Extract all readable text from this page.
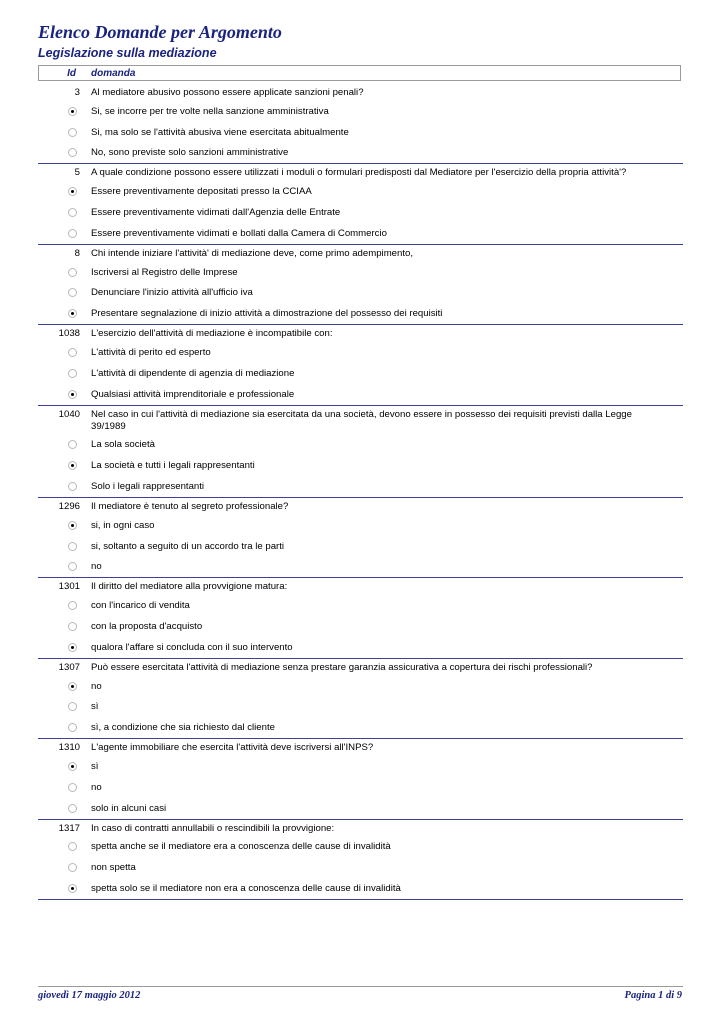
Elenco Domande per Argomento
Legislazione sulla mediazione
Id domanda
3 Al mediatore abusivo possono essere applicate sanzioni penali?
Si, se incorre per tre volte nella sanzione amministrativa
Si, ma solo se l'attività abusiva viene esercitata abitualmente
No, sono previste solo sanzioni amministrative
5 A quale condizione possono essere utilizzati i moduli o formulari predisposti dal Mediatore per l'esercizio della propria attività'?
Essere preventivamente depositati presso la CCIAA
Essere preventivamente vidimati dall'Agenzia delle Entrate
Essere preventivamente vidimati e bollati dalla Camera di Commercio
8 Chi intende iniziare l'attività' di mediazione deve, come primo adempimento,
Iscriversi al Registro delle Imprese
Denunciare l'inizio attività all'ufficio iva
Presentare segnalazione di inizio attività a dimostrazione del possesso dei requisiti
1038 L'esercizio dell'attività di mediazione è incompatibile con:
L'attività di perito ed esperto
L'attività di dipendente di agenzia di mediazione
Qualsiasi attività imprenditoriale e professionale
1040 Nel caso in cui l'attività di mediazione sia esercitata da una società, devono essere in possesso dei requisiti previsti dalla Legge 39/1989
La sola società
La società e tutti i legali rappresentanti
Solo i legali rappresentanti
1296 Il mediatore è tenuto al segreto professionale?
si, in ogni caso
si, soltanto a seguito di un accordo tra le parti
no
1301 Il diritto del mediatore alla provvigione matura:
con l'incarico di vendita
con la proposta d'acquisto
qualora l'affare si concluda con il suo intervento
1307 Può essere esercitata l'attività di mediazione senza prestare garanzia assicurativa a copertura dei rischi professionali?
no
sì
sì, a condizione che sia richiesto dal cliente
1310 L'agente immobiliare che esercita l'attività deve iscriversi all'INPS?
sì
no
solo in alcuni casi
1317 In caso di contratti annullabili o rescindibili la provvigione:
spetta anche se il mediatore era a conoscenza delle cause di invalidità
non spetta
spetta solo se il mediatore non era a conoscenza delle cause di invalidità
giovedì 17 maggio 2012	Pagina 1 di 9
